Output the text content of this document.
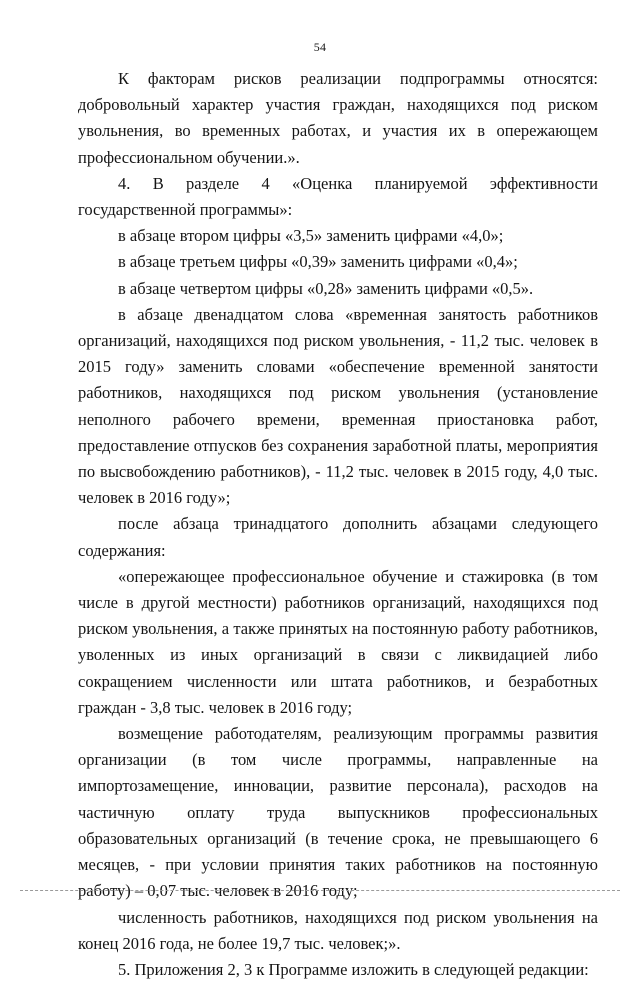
54

К факторам рисков реализации подпрограммы относятся: добровольный характер участия граждан, находящихся под риском увольнения, во временных работах, и участия их в опережающем профессиональном обучении.».

4. В разделе 4 «Оценка планируемой эффективности государственной программы»:

в абзаце втором цифры «3,5» заменить цифрами «4,0»;

в абзаце третьем цифры «0,39» заменить цифрами «0,4»;

в абзаце четвертом цифры «0,28» заменить цифрами «0,5».

в абзаце двенадцатом слова «временная занятость работников организаций, находящихся под риском увольнения, - 11,2 тыс. человек в 2015 году» заменить словами «обеспечение временной занятости работников, находящихся под риском увольнения (установление неполного рабочего времени, временная приостановка работ, предоставление отпусков без сохранения заработной платы, мероприятия по высвобождению работников), - 11,2 тыс. человек в 2015 году, 4,0 тыс. человек в 2016 году»;

после абзаца тринадцатого дополнить абзацами следующего содержания:

«опережающее профессиональное обучение и стажировка (в том числе в другой местности) работников организаций, находящихся под риском увольнения, а также принятых на постоянную работу работников, уволенных из иных организаций в связи с ликвидацией либо сокращением численности или штата работников, и безработных граждан - 3,8 тыс. человек в 2016 году;

возмещение работодателям, реализующим программы развития организации (в том числе программы, направленные на импортозамещение, инновации, развитие персонала), расходов на частичную оплату труда выпускников профессиональных образовательных организаций (в течение срока, не превышающего 6 месяцев, - при условии принятия таких работников на постоянную работу) – 0,07 тыс. человек в 2016 году;

численность работников, находящихся под риском увольнения на конец 2016 года, не более 19,7 тыс. человек;».

5. Приложения 2, 3 к Программе изложить в следующей редакции:
